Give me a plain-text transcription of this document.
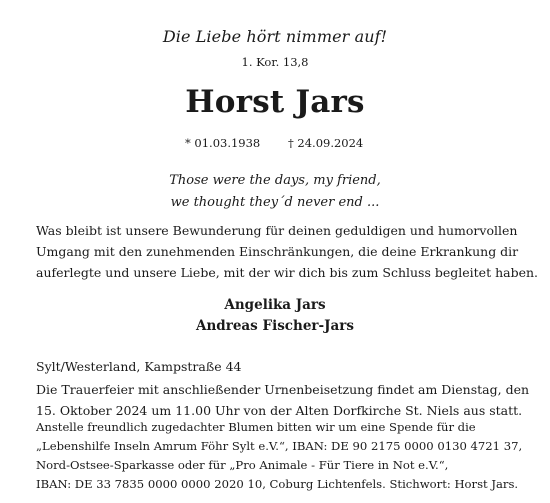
Die Liebe hört nimmer auf!
1. Kor. 13,8
Horst Jars
* 01.03.1938 † 24.09.2024
Those were the days, my friend,
we thought they´d never end ...
Was bleibt ist unsere Bewunderung für deinen geduldigen und humorvollen
Umgang mit den zunehmenden Einschränkungen, die deine Erkrankung dir
auferlegte und unsere Liebe, mit der wir dich bis zum Schluss begleitet haben.
Angelika Jars
Andreas Fischer-Jars
Sylt/Westerland, Kampstraße 44
Die Trauerfeier mit anschließender Urnenbeisetzung findet am Dienstag, den
15. Oktober 2024 um 11.00 Uhr von der Alten Dorfkirche St. Niels aus statt.
Anstelle freundlich zugedachter Blumen bitten wir um eine Spende für die
„Lebenshilfe Inseln Amrum Föhr Sylt e.V.“, IBAN: DE 90 2175 0000 0130 4721 37,
Nord-Ostsee-Sparkasse oder für „Pro Animale - Für Tiere in Not e.V.“,
IBAN: DE 33 7835 0000 0000 2020 10, Coburg Lichtenfels. Stichwort: Horst Jars.
